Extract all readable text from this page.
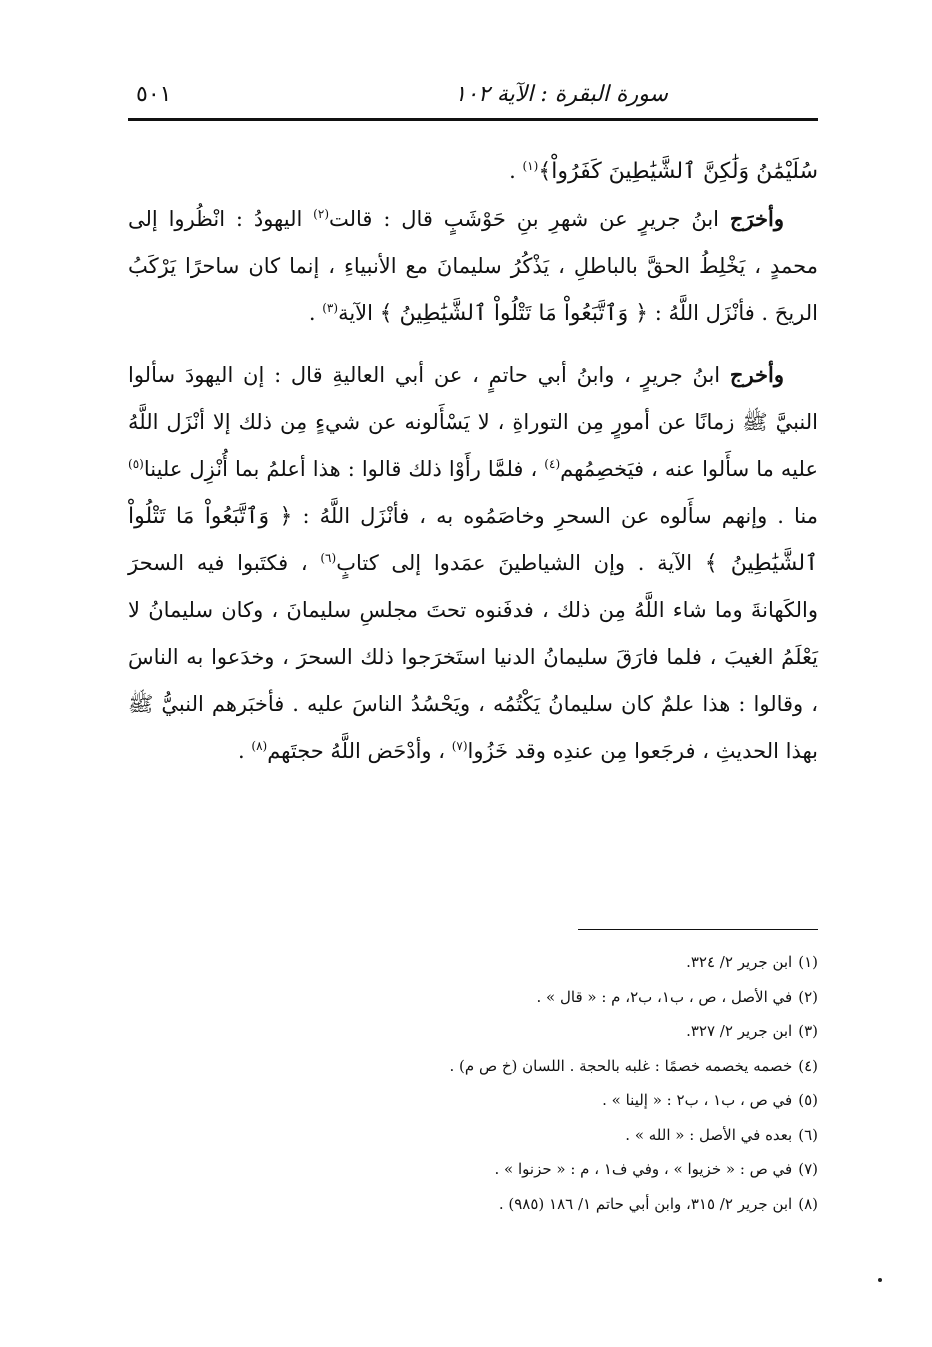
سورة البقرة : الآية ١٠٢
٥٠١

سُلَيْمَٰنُ وَلَٰكِنَّ ٱلشَّيَٰطِينَ كَفَرُواْ﴾$^{(١)}$ .

وأخرَج ابنُ جريرٍ عن شهرِ بنِ حَوْشَبٍ قال : قالت$^{(٢)}$ اليهودُ : انْظُروا إلى محمدٍ ، يَخْلِطُ الحقَّ بالباطلِ ، يَذْكُرُ سليمانَ مع الأنبياءِ ، إنما كان ساحرًا يَرْكَبُ الريحَ . فأنْزَل اللَّهُ : ﴿ وَٱتَّبَعُواْ مَا تَتْلُواْ ٱلشَّيَٰطِينُ ﴾ الآية$^{(٣)}$ .

وأخرج ابنُ جريرٍ ، وابنُ أبي حاتمٍ ، عن أبي العاليةِ قال : إن اليهودَ سألوا النبيَّ ﷺ زمانًا عن أمورٍ مِن التوراةِ ، لا يَسْأَلونه عن شيءٍ مِن ذلك إلا أنْزَل اللَّهُ عليه ما سأَلوا عنه ، فيَخصِمُهم$^{(٤)}$ ، فلمَّا رأَوْا ذلك قالوا : هذا أعلمُ بما أُنْزِل علينا$^{(٥)}$ منا . وإنهم سأَلوه عن السحرِ وخاصَمُوه به ، فأنْزَل اللَّهُ : ﴿ وَٱتَّبَعُواْ مَا تَتْلُواْ ٱلشَّيَٰطِينُ ﴾ الآية . وإن الشياطينَ عمَدوا إلى كتابٍ$^{(٦)}$ ، فكتَبوا فيه السحرَ والكَهانةَ وما شاء اللَّهُ مِن ذلك ، فدفَنوه تحتَ مجلسِ سليمانَ ، وكان سليمانُ لا يَعْلَمُ الغيبَ ، فلما فارَقَ سليمانُ الدنيا استَخرَجوا ذلك السحرَ ، وخدَعوا به الناسَ ، وقالوا : هذا علمٌ كان سليمانُ يَكْتُمُه ، ويَحْسُدُ الناسَ عليه . فأخبَرهم النبيُّ ﷺ بهذا الحديثِ ، فرجَعوا مِن عندِه وقد خَزُوا$^{(٧)}$ ، وأدْحَض اللَّهُ حجتَهم$^{(٨)}$ .

(١)ابن جرير ٢/ ٣٢٤.

(٢)في الأصل ، ص ، ب١، ب٢، م : « قال » .

(٣)ابن جرير ٢/ ٣٢٧.

(٤)خصمه يخصمه خصمًا : غلبه بالحجة . اللسان (خ ص م) .

(٥)في ص ، ب١ ، ب٢ : « إلينا » .

(٦)بعده في الأصل : « الله » .

(٧)في ص : « خزيوا » ، وفي ف١ ، م : « حزنوا » .

(٨)ابن جرير ٢/ ٣١٥، وابن أبي حاتم ١/ ١٨٦ (٩٨٥) .
